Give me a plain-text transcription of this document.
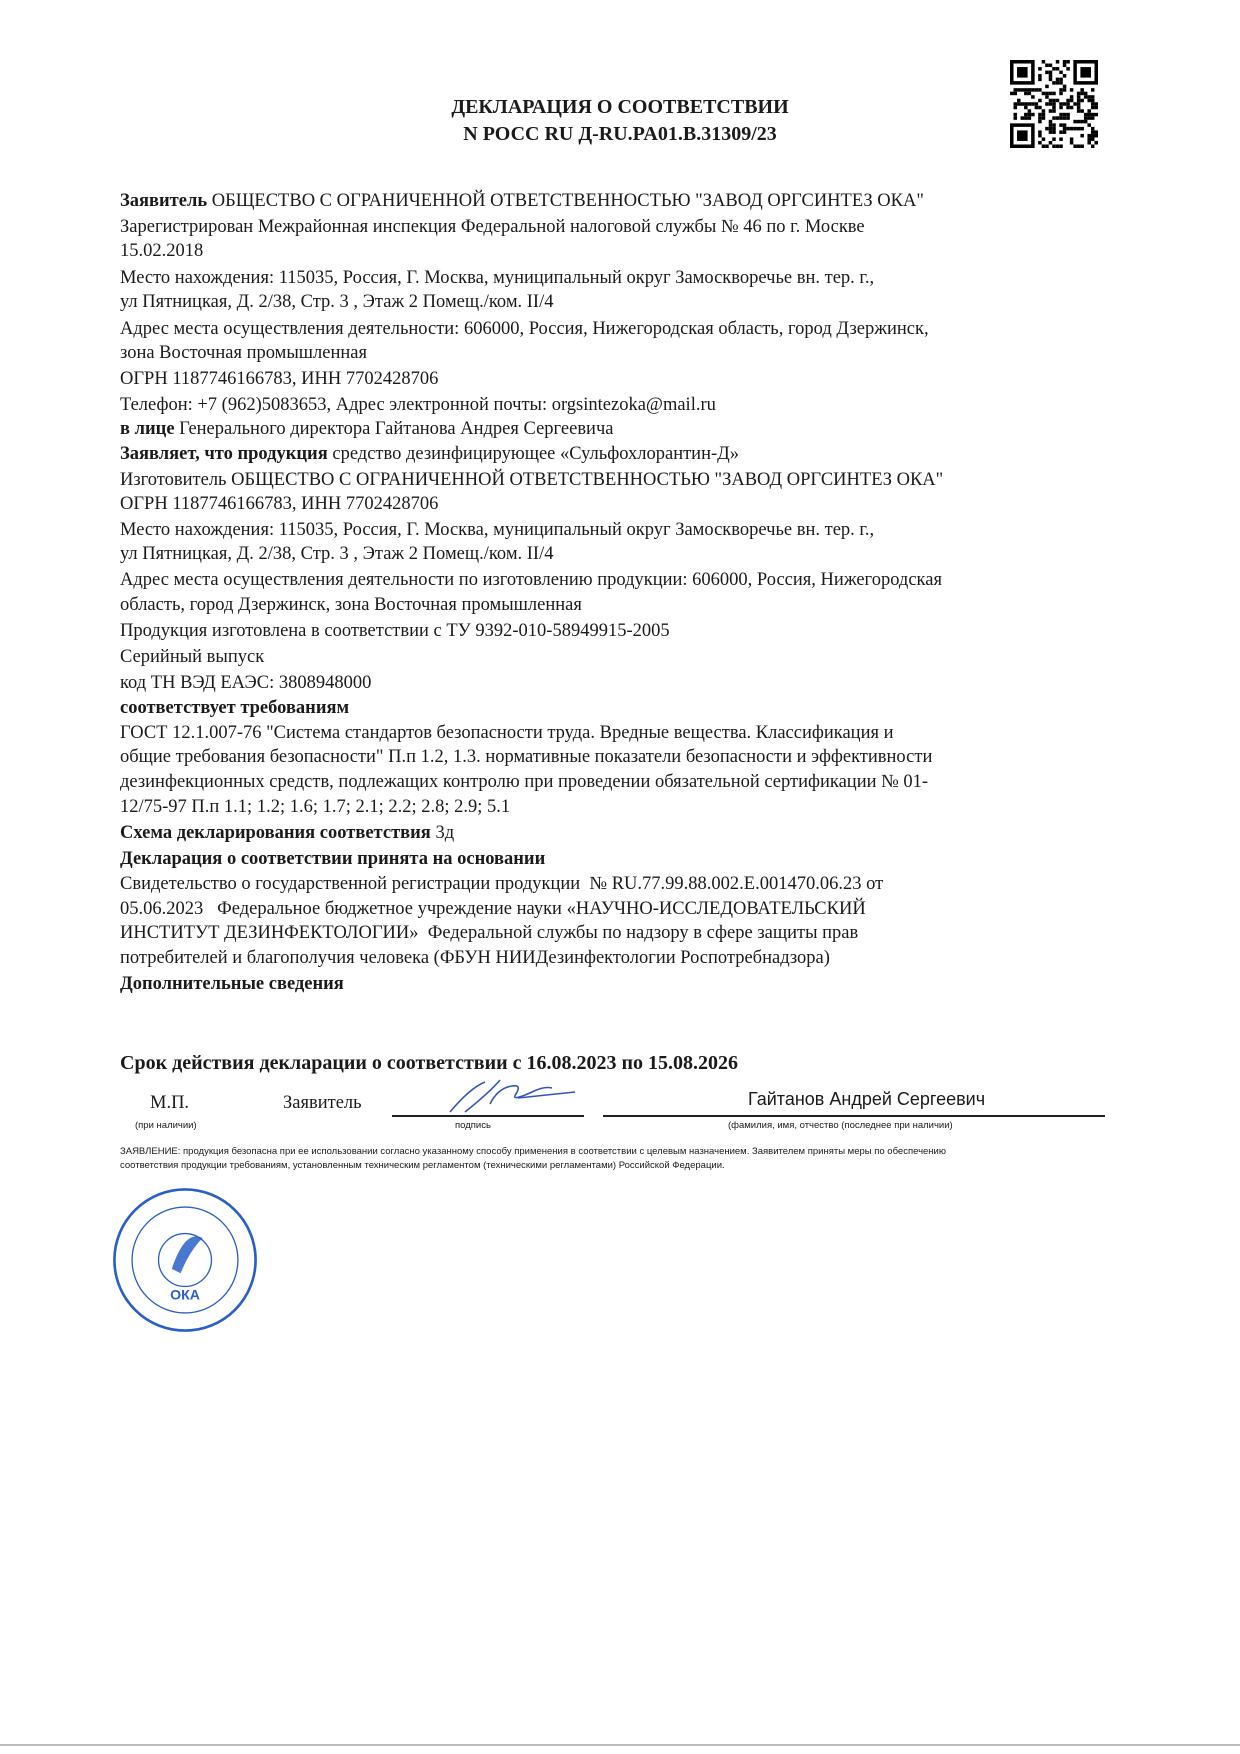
ДЕКЛАРАЦИЯ О СООТВЕТСТВИИ
N РОСС RU Д-RU.PA01.B.31309/23
Заявитель ОБЩЕСТВО С ОГРАНИЧЕННОЙ ОТВЕТСТВЕННОСТЬЮ "ЗАВОД ОРГСИНТЕЗ ОКА"
Зарегистрирован Межрайонная инспекция Федеральной налоговой службы № 46 по г. Москве
15.02.2018
Место нахождения: 115035, Россия, Г. Москва, муниципальный округ Замоскворечье вн. тер. г.,
ул Пятницкая, Д. 2/38, Стр. 3 , Этаж 2 Помещ./ком. II/4
Адрес места осуществления деятельности: 606000, Россия, Нижегородская область, город Дзержинск,
зона Восточная промышленная
ОГРН 1187746166783, ИНН 7702428706
Телефон: +7 (962)5083653, Адрес электронной почты: orgsintezoka@mail.ru
в лице Генерального директора Гайтанова Андрея Сергеевича
Заявляет, что продукция средство дезинфицирующее «Сульфохлорантин-Д»
Изготовитель ОБЩЕСТВО С ОГРАНИЧЕННОЙ ОТВЕТСТВЕННОСТЬЮ "ЗАВОД ОРГСИНТЕЗ ОКА"
ОГРН 1187746166783, ИНН 7702428706
Место нахождения: 115035, Россия, Г. Москва, муниципальный округ Замоскворечье вн. тер. г.,
ул Пятницкая, Д. 2/38, Стр. 3 , Этаж 2 Помещ./ком. II/4
Адрес места осуществления деятельности по изготовлению продукции: 606000, Россия, Нижегородская
область, город Дзержинск, зона Восточная промышленная
Продукция изготовлена в соответствии с ТУ 9392-010-58949915-2005
Серийный выпуск
код ТН ВЭД ЕАЭС: 3808948000
соответствует требованиям
ГОСТ 12.1.007-76 "Система стандартов безопасности труда. Вредные вещества. Классификация и
общие требования безопасности" П.п 1.2, 1.3. нормативные показатели безопасности и эффективности
дезинфекционных средств, подлежащих контролю при проведении обязательной сертификации № 01-
12/75-97 П.п 1.1; 1.2; 1.6; 1.7; 2.1; 2.2; 2.8; 2.9; 5.1
Схема декларирования соответствия 3д
Декларация о соответствии принята на основании
Свидетельство о государственной регистрации продукции  № RU.77.99.88.002.E.001470.06.23 от
05.06.2023   Федеральное бюджетное учреждение науки «НАУЧНО-ИССЛЕДОВАТЕЛЬСКИЙ
ИНСТИТУТ ДЕЗИНФЕКТОЛОГИИ»  Федеральной службы по надзору в сфере защиты прав
потребителей и благополучия человека (ФБУН НИИДезинфектологии Роспотребнадзора)
Дополнительные сведения
Срок действия декларации о соответствии с 16.08.2023 по 15.08.2026
М.П.	Заявитель	Гайтанов Андрей Сергеевич
(при наличии)	подпись	(фамилия, имя, отчество (последнее при наличии)
ЗАЯВЛЕНИЕ: продукция безопасна при ее использовании согласно указанному способу применения в соответствии с целевым назначением. Заявителем приняты меры по обеспечению
соответствия продукции требованиям, установленным техническим регламентом (техническими регламентами) Российской Федерации.
ОКА
